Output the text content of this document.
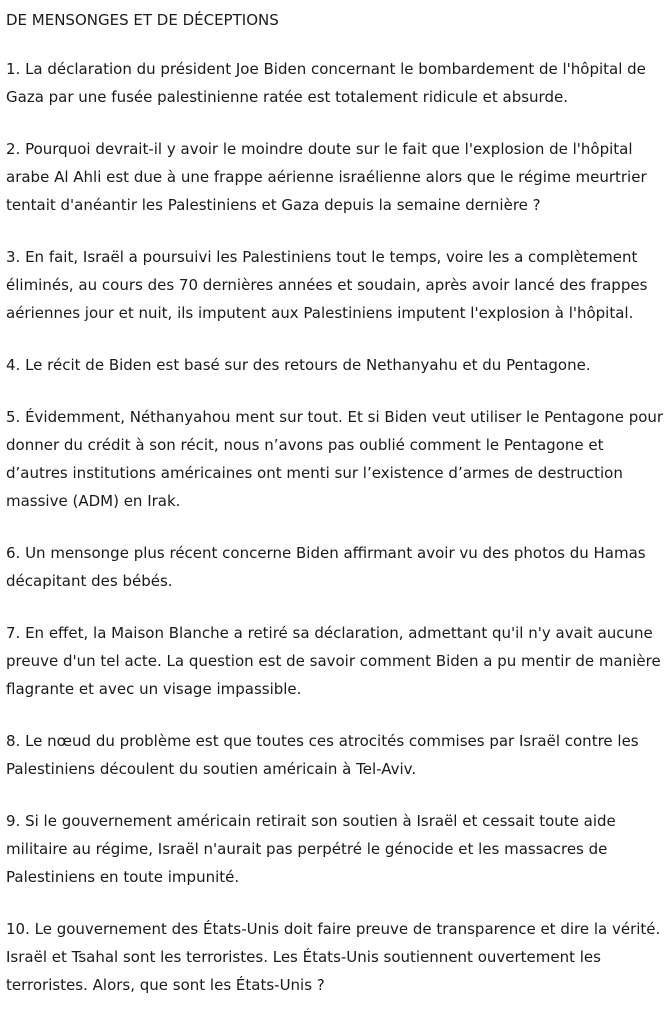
DE MENSONGES ET DE DÉCEPTIONS

1. La déclaration du président Joe Biden concernant le bombardement de l'hôpital de Gaza par une fusée palestinienne ratée est totalement ridicule et absurde.

2. Pourquoi devrait-il y avoir le moindre doute sur le fait que l'explosion de l'hôpital arabe Al Ahli est due à une frappe aérienne israélienne alors que le régime meurtrier tentait d'anéantir les Palestiniens et Gaza depuis la semaine dernière ?

3. En fait, Israël a poursuivi les Palestiniens tout le temps, voire les a complètement éliminés, au cours des 70 dernières années et soudain, après avoir lancé des frappes aériennes jour et nuit, ils imputent aux Palestiniens imputent l'explosion à l'hôpital.

4. Le récit de Biden est basé sur des retours de Nethanyahu et du Pentagone.

5. Évidemment, Néthanyahou ment sur tout. Et si Biden veut utiliser le Pentagone pour donner du crédit à son récit, nous n’avons pas oublié comment le Pentagone et d’autres institutions américaines ont menti sur l’existence d’armes de destruction massive (ADM) en Irak.

6. Un mensonge plus récent concerne Biden affirmant avoir vu des photos du Hamas décapitant des bébés.

7. En effet, la Maison Blanche a retiré sa déclaration, admettant qu'il n'y avait aucune preuve d'un tel acte. La question est de savoir comment Biden a pu mentir de manière flagrante et avec un visage impassible.

8. Le nœud du problème est que toutes ces atrocités commises par Israël contre les Palestiniens découlent du soutien américain à Tel-Aviv.

9. Si le gouvernement américain retirait son soutien à Israël et cessait toute aide militaire au régime, Israël n'aurait pas perpétré le génocide et les massacres de Palestiniens en toute impunité.

10. Le gouvernement des États-Unis doit faire preuve de transparence et dire la vérité. Israël et Tsahal sont les terroristes. Les États-Unis soutiennent ouvertement les terroristes. Alors, que sont les États-Unis ?
